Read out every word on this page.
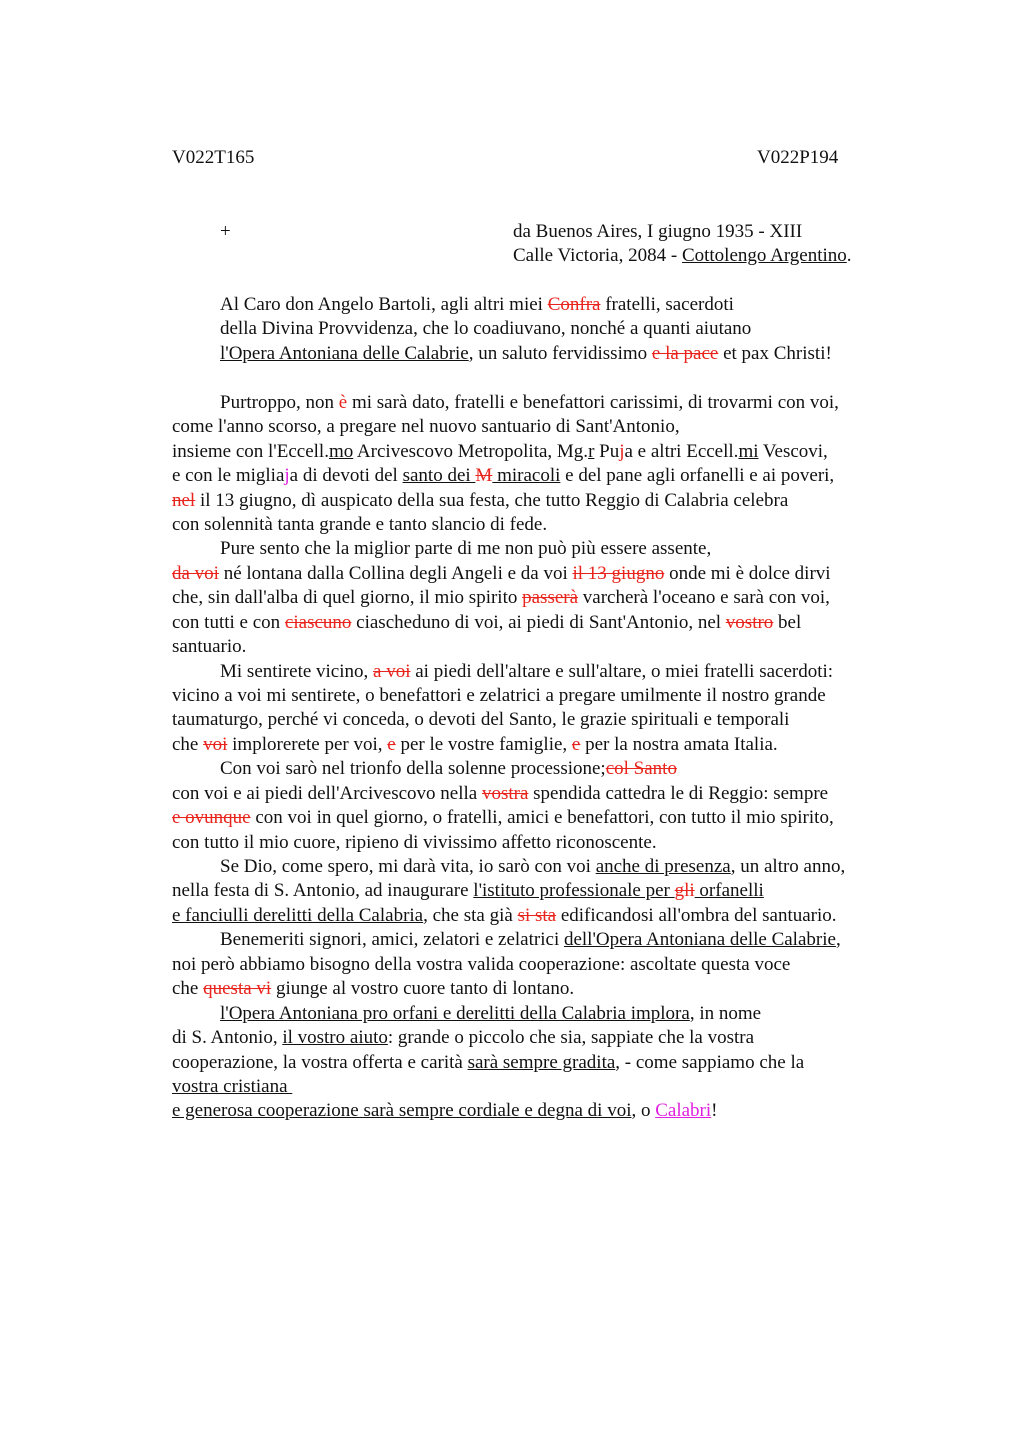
V022T165	V022P194
+	da Buenos Aires, I giugno 1935 - XIII
Calle Victoria, 2084 - Cottolengo Argentino.
Al Caro don Angelo Bartoli, agli altri miei Confra fratelli, sacerdoti
della Divina Provvidenza, che lo coadiuvano, nonché a quanti aiutano
l'Opera Antoniana delle Calabrie, un saluto fervidissimo e la pace et pax Christi!
Purtroppo, non è mi sarà dato, fratelli e benefattori carissimi, di trovarmi con voi,
come l'anno scorso, a pregare nel nuovo santuario di Sant'Antonio,
insieme con l'Eccell.mo Arcivescovo Metropolita, Mg.r Puja e altri Eccell.mi Vescovi,
e con le migliaja di devoti del santo dei M miracoli e del pane agli orfanelli e ai poveri,
nel il 13 giugno, dì auspicato della sua festa, che tutto Reggio di Calabria celebra
con solennità tanta grande e tanto slancio di fede.
Pure sento che la miglior parte di me non può più essere assente,
da voi né lontana dalla Collina degli Angeli e da voi il 13 giugno onde mi è dolce dirvi
che, sin dall'alba di quel giorno, il mio spirito passerà varcherà l'oceano e sarà con voi,
con tutti e con ciascuno ciascheduno di voi, ai piedi di Sant'Antonio, nel vostro bel
santuario.
Mi sentirete vicino, a voi ai piedi dell'altare e sull'altare, o miei fratelli sacerdoti:
vicino a voi mi sentirete, o benefattori e zelatrici a pregare umilmente il nostro grande
taumaturgo, perché vi conceda, o devoti del Santo, le grazie spirituali e temporali
che voi implorerete per voi, e per le vostre famiglie, e per la nostra amata Italia.
Con voi sarò nel trionfo della solenne processione;col Santo
con voi e ai piedi dell'Arcivescovo nella vostra spendida cattedra le di Reggio: sempre
e ovunque con voi in quel giorno, o fratelli, amici e benefattori, con tutto il mio spirito,
con tutto il mio cuore, ripieno di vivissimo affetto riconoscente.
Se Dio, come spero, mi darà vita, io sarò con voi anche di presenza, un altro anno,
nella festa di S. Antonio, ad inaugurare l'istituto professionale per gli orfanelli
e fanciulli derelitti della Calabria, che sta già si sta edificandosi all'ombra del santuario.
Benemeriti signori, amici, zelatori e zelatrici dell'Opera Antoniana delle Calabrie,
noi però abbiamo bisogno della vostra valida cooperazione: ascoltate questa voce
che questa vi giunge al vostro cuore tanto di lontano.
l'Opera Antoniana pro orfani e derelitti della Calabria implora, in nome
di S. Antonio, il vostro aiuto: grande o piccolo che sia, sappiate che la vostra
cooperazione, la vostra offerta e carità sarà sempre gradita, - come sappiamo che la
vostra cristiana
e generosa cooperazione sarà sempre cordiale e degna di voi, o Calabri!
